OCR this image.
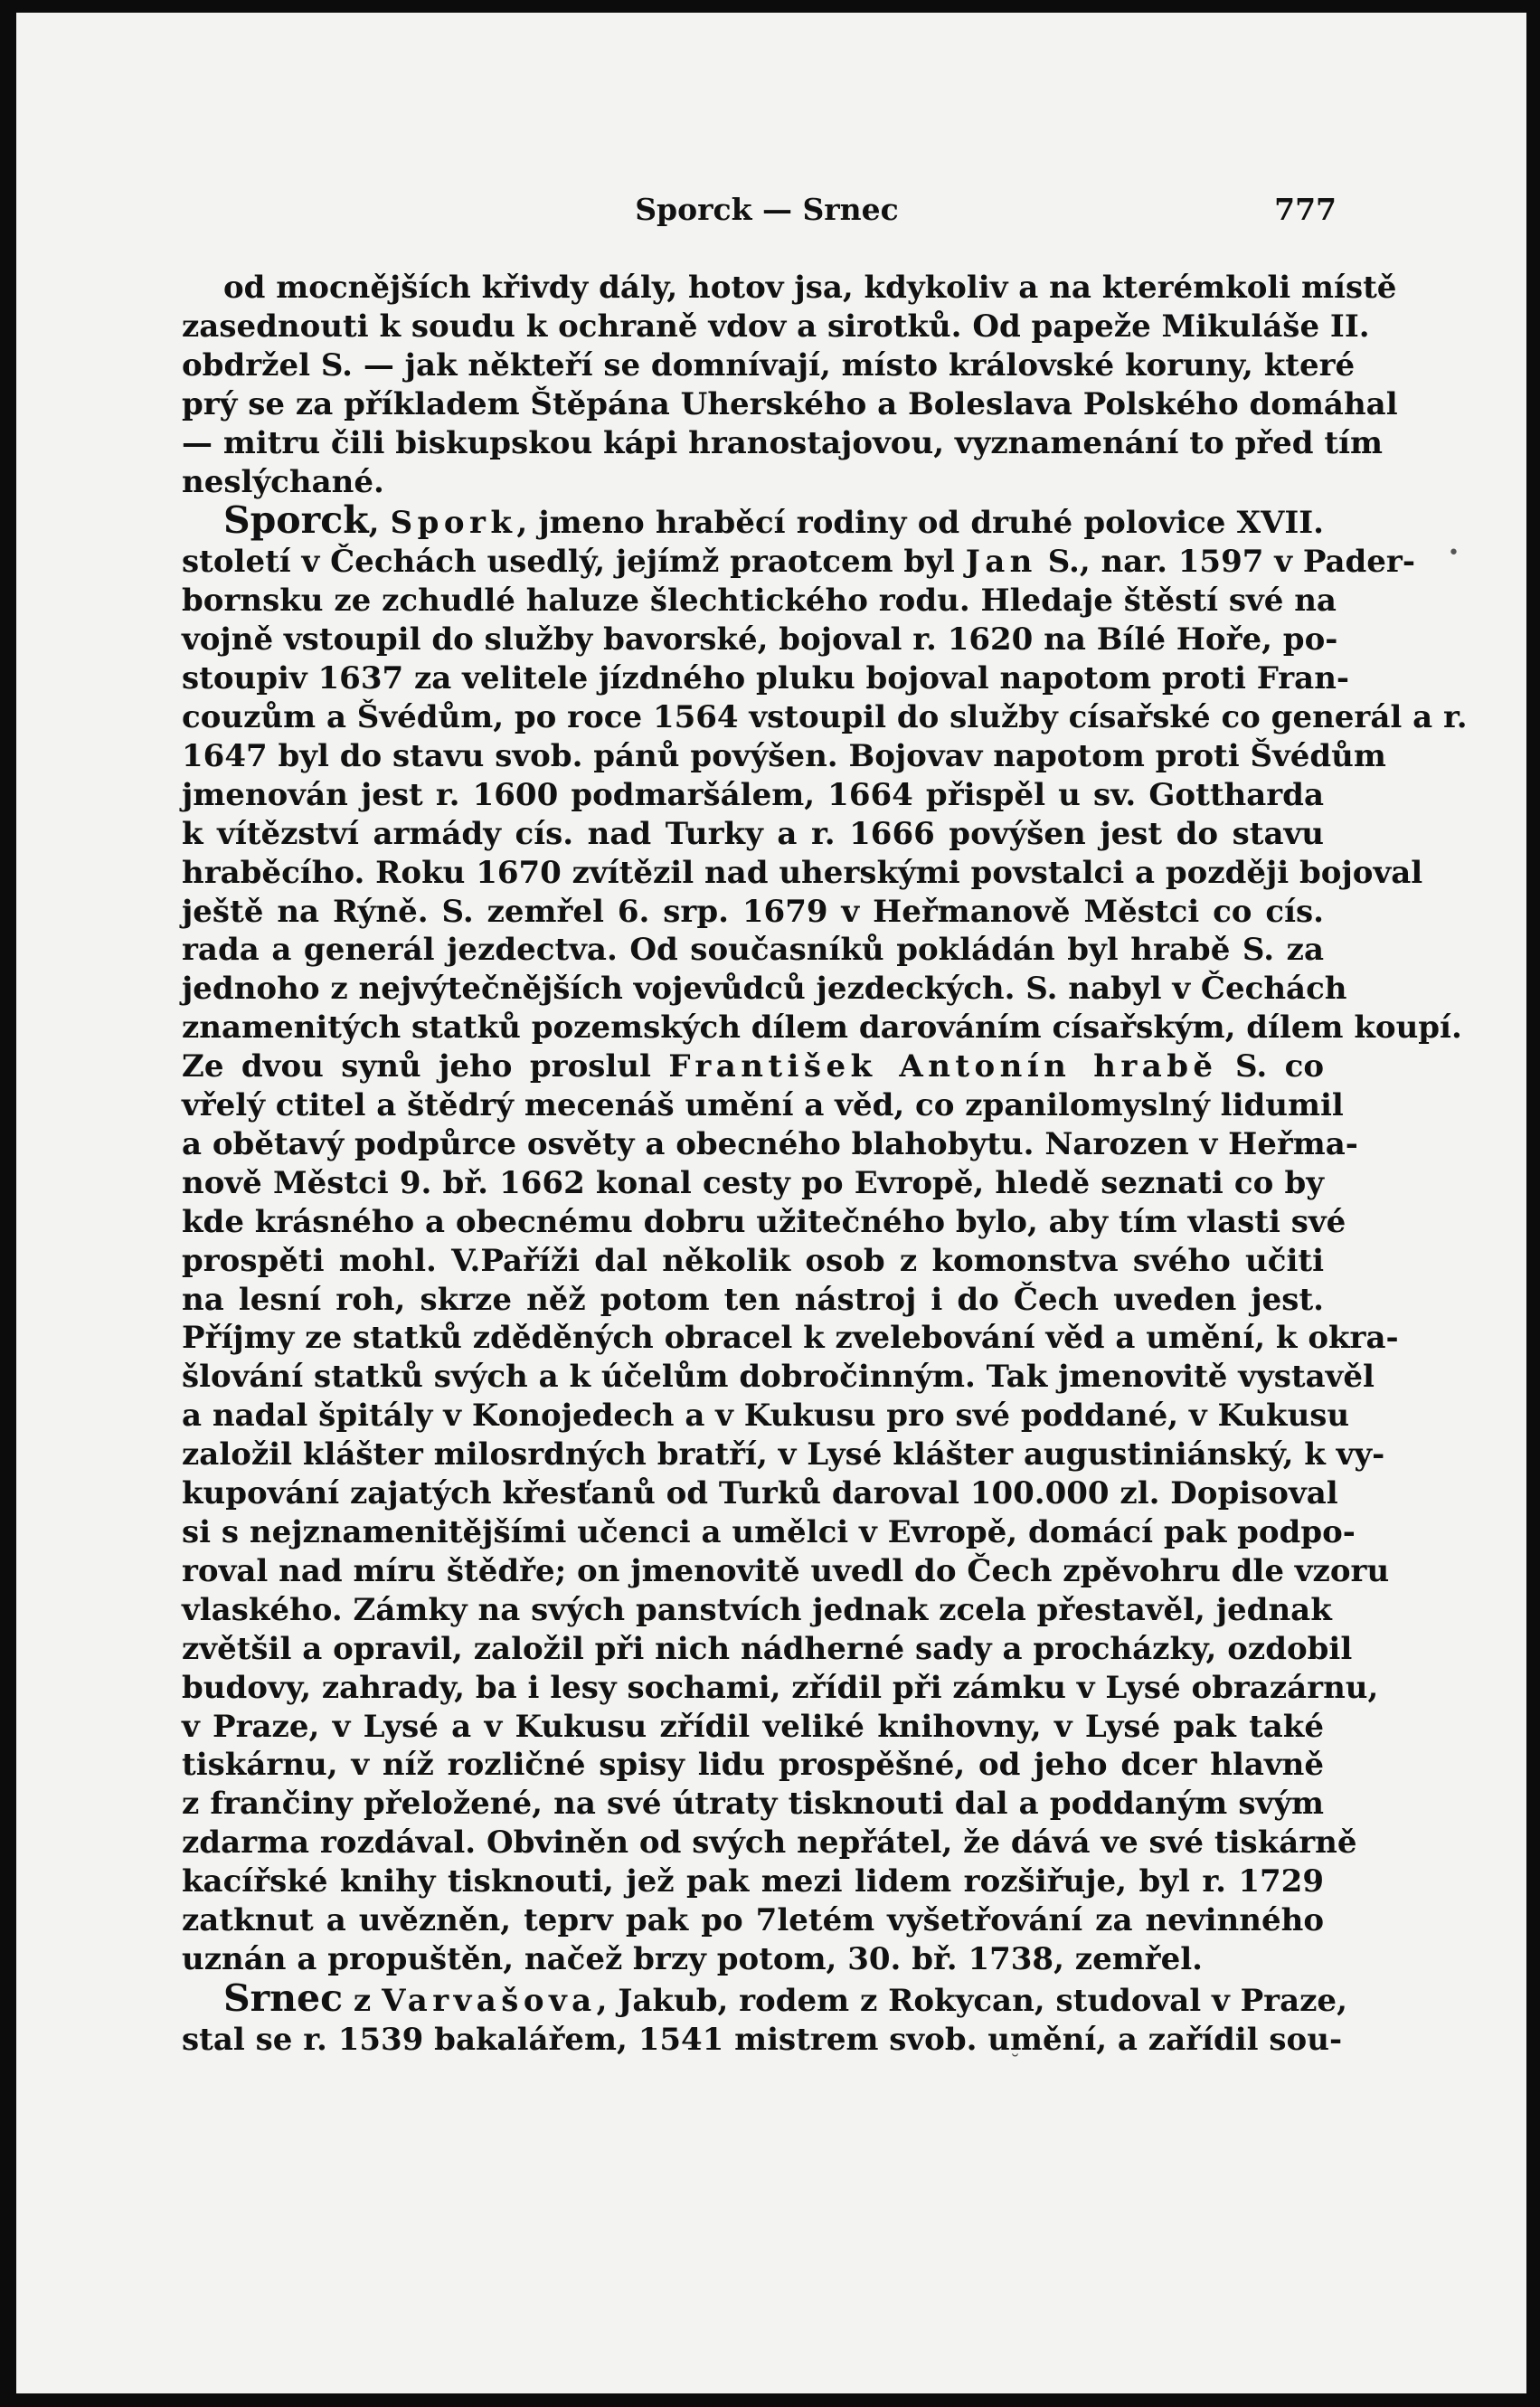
Sporck — Srnec	777
od mocnějších křivdy dály, hotov jsa, kdykoliv a na kterémkoli místě
zasednouti k soudu k ochraně vdov a sirotků. Od papeže Mikuláše II.
obdržel S. — jak někteří se domnívají, místo královské koruny, které
prý se za příkladem Štěpána Uherského a Boleslava Polského domáhal
— mitru čili biskupskou kápi hranostajovou, vyznamenání to před tím
neslýchané.
Sporck, Spork, jmeno hraběcí rodiny od druhé polovice XVII.
století v Čechách usedlý, jejímž praotcem byl Jan S., nar. 1597 v Pader-
bornsku ze zchudlé haluze šlechtického rodu. Hledaje štěstí své na
vojně vstoupil do služby bavorské, bojoval r. 1620 na Bílé Hoře, po-
stoupiv 1637 za velitele jízdného pluku bojoval napotom proti Fran-
couzům a Švédům, po roce 1564 vstoupil do služby císařské co generál a r.
1647 byl do stavu svob. pánů povýšen. Bojovav napotom proti Švédům
jmenován jest r. 1600 podmaršálem, 1664 přispěl u sv. Gottharda
k vítězství armády cís. nad Turky a r. 1666 povýšen jest do stavu
hraběcího. Roku 1670 zvítězil nad uherskými povstalci a později bojoval
ještě na Rýně. S. zemřel 6. srp. 1679 v Heřmanově Městci co cís.
rada a generál jezdectva. Od současníků pokládán byl hrabě S. za
jednoho z nejvýtečnějších vojevůdců jezdeckých. S. nabyl v Čechách
znamenitých statků pozemských dílem darováním císařským, dílem koupí.
Ze dvou synů jeho proslul František Antonín hrabě S. co
vřelý ctitel a štědrý mecenáš umění a věd, co zpanilomyslný lidumil
a obětavý podpůrce osvěty a obecného blahobytu. Narozen v Heřma-
nově Městci 9. bř. 1662 konal cesty po Evropě, hledě seznati co by
kde krásného a obecnému dobru užitečného bylo, aby tím vlasti své
prospěti mohl. V.Paříži dal několik osob z komonstva svého učiti
na lesní roh, skrze něž potom ten nástroj i do Čech uveden jest.
Příjmy ze statků zděděných obracel k zvelebování věd a umění, k okra-
šlování statků svých a k účelům dobročinným. Tak jmenovitě vystavěl
a nadal špitály v Konojedech a v Kukusu pro své poddané, v Kukusu
založil klášter milosrdných bratří, v Lysé klášter augustiniánský, k vy-
kupování zajatých křesťanů od Turků daroval 100.000 zl. Dopisoval
si s nejznamenitějšími učenci a umělci v Evropě, domácí pak podpo-
roval nad míru štědře; on jmenovitě uvedl do Čech zpěvohru dle vzoru
vlaského. Zámky na svých panstvích jednak zcela přestavěl, jednak
zvětšil a opravil, založil při nich nádherné sady a procházky, ozdobil
budovy, zahrady, ba i lesy sochami, zřídil při zámku v Lysé obrazárnu,
v Praze, v Lysé a v Kukusu zřídil veliké knihovny, v Lysé pak také
tiskárnu, v níž rozličné spisy lidu prospěšné, od jeho dcer hlavně
z frančiny přeložené, na své útraty tisknouti dal a poddaným svým
zdarma rozdával. Obviněn od svých nepřátel, že dává ve své tiskárně
kacířské knihy tisknouti, jež pak mezi lidem rozšiřuje, byl r. 1729
zatknut a uvězněn, teprv pak po 7letém vyšetřování za nevinného
uznán a propuštěn, načež brzy potom, 30. bř. 1738, zemřel.
Srnec z Varvašova, Jakub, rodem z Rokycan, studoval v Praze,
stal se r. 1539 bakalářem, 1541 mistrem svob. umění, a zařídil sou-
•
˘
